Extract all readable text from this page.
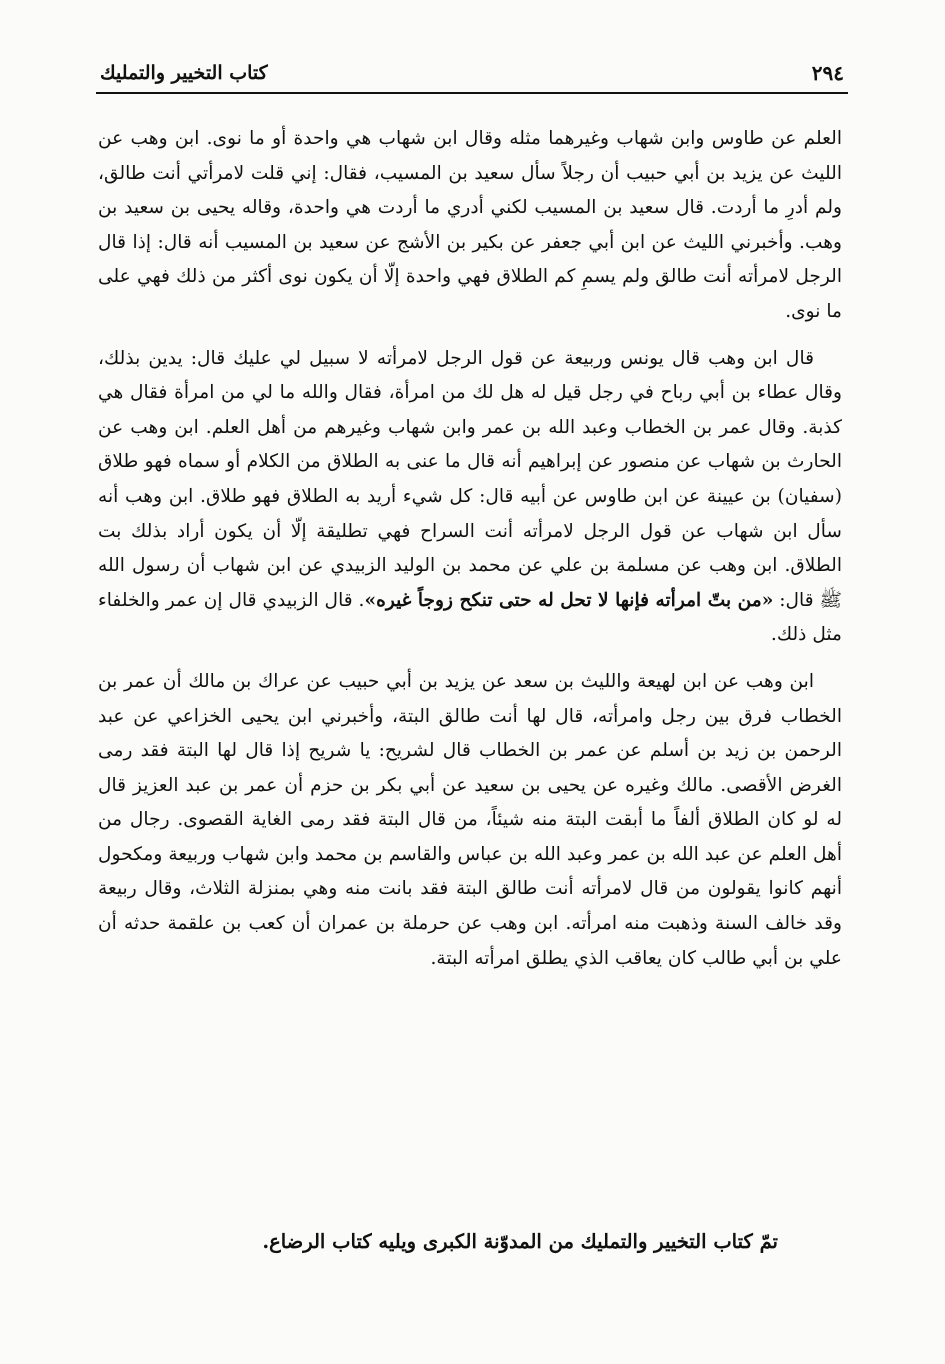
كتاب التخيير والتمليك	٢٩٤

العلم عن طاوس وابن شهاب وغيرهما مثله وقال ابن شهاب هي واحدة أو ما نوى. ابن وهب عن الليث عن يزيد بن أبي حبيب أن رجلاً سأل سعيد بن المسيب، فقال: إني قلت لامرأتي أنت طالق، ولم أدرِ ما أردت. قال سعيد بن المسيب لكني أدري ما أردت هي واحدة، وقاله يحيى بن سعيد بن وهب. وأخبرني الليث عن ابن أبي جعفر عن بكير بن الأشج عن سعيد بن المسيب أنه قال: إذا قال الرجل لامرأته أنت طالق ولم يسمِ كم الطلاق فهي واحدة إلّا أن يكون نوى أكثر من ذلك فهي على ما نوى.

قال ابن وهب قال يونس وربيعة عن قول الرجل لامرأته لا سبيل لي عليك قال: يدين بذلك، وقال عطاء بن أبي رباح في رجل قيل له هل لك من امرأة، فقال والله ما لي من امرأة فقال هي كذبة. وقال عمر بن الخطاب وعبد الله بن عمر وابن شهاب وغيرهم من أهل العلم. ابن وهب عن الحارث بن شهاب عن منصور عن إبراهيم أنه قال ما عنى به الطلاق من الكلام أو سماه فهو طلاق (سفيان) بن عيينة عن ابن طاوس عن أبيه قال: كل شيء أريد به الطلاق فهو طلاق. ابن وهب أنه سأل ابن شهاب عن قول الرجل لامرأته أنت السراح فهي تطليقة إلّا أن يكون أراد بذلك بت الطلاق. ابن وهب عن مسلمة بن علي عن محمد بن الوليد الزبيدي عن ابن شهاب أن رسول الله ﷺ قال: «من بتّ امرأته فإنها لا تحل له حتى تنكح زوجاً غيره». قال الزبيدي قال إن عمر والخلفاء مثل ذلك.

ابن وهب عن ابن لهيعة والليث بن سعد عن يزيد بن أبي حبيب عن عراك بن مالك أن عمر بن الخطاب فرق بين رجل وامرأته، قال لها أنت طالق البتة، وأخبرني ابن يحيى الخزاعي عن عبد الرحمن بن زيد بن أسلم عن عمر بن الخطاب قال لشريح: يا شريح إذا قال لها البتة فقد رمى الغرض الأقصى. مالك وغيره عن يحيى بن سعيد عن أبي بكر بن حزم أن عمر بن عبد العزيز قال له لو كان الطلاق ألفاً ما أبقت البتة منه شيئاً، من قال البتة فقد رمى الغاية القصوى. رجال من أهل العلم عن عبد الله بن عمر وعبد الله بن عباس والقاسم بن محمد وابن شهاب وربيعة ومكحول أنهم كانوا يقولون من قال لامرأته أنت طالق البتة فقد بانت منه وهي بمنزلة الثلاث، وقال ربيعة وقد خالف السنة وذهبت منه امرأته. ابن وهب عن حرملة بن عمران أن كعب بن علقمة حدثه أن علي بن أبي طالب كان يعاقب الذي يطلق امرأته البتة.

تمّ كتاب التخيير والتمليك من المدوّنة الكبرى ويليه كتاب الرضاع.
